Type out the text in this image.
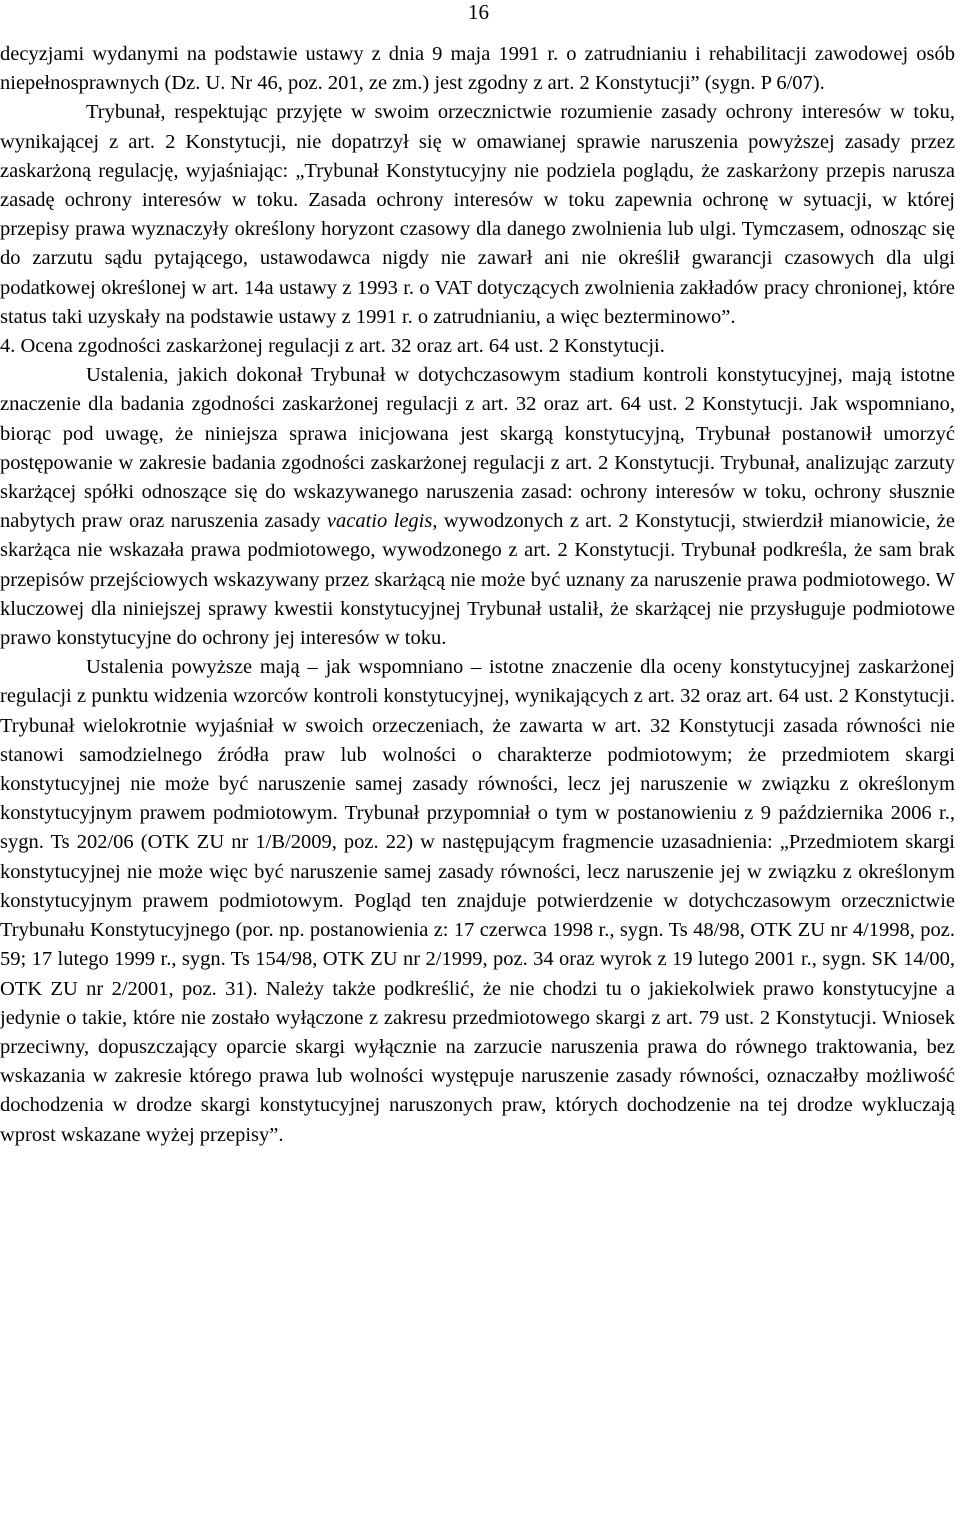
16

decyzjami wydanymi na podstawie ustawy z dnia 9 maja 1991 r. o zatrudnianiu i rehabilitacji zawodowej osób niepełnosprawnych (Dz. U. Nr 46, poz. 201, ze zm.) jest zgodny z art. 2 Konstytucji” (sygn. P 6/07).

Trybunał, respektując przyjęte w swoim orzecznictwie rozumienie zasady ochrony interesów w toku, wynikającej z art. 2 Konstytucji, nie dopatrzył się w omawianej sprawie naruszenia powyższej zasady przez zaskarżoną regulację, wyjaśniając: „Trybunał Konstytucyjny nie podziela poglądu, że zaskarżony przepis narusza zasadę ochrony interesów w toku. Zasada ochrony interesów w toku zapewnia ochronę w sytuacji, w której przepisy prawa wyznaczyły określony horyzont czasowy dla danego zwolnienia lub ulgi. Tymczasem, odnosząc się do zarzutu sądu pytającego, ustawodawca nigdy nie zawarł ani nie określił gwarancji czasowych dla ulgi podatkowej określonej w art. 14a ustawy z 1993 r. o VAT dotyczących zwolnienia zakładów pracy chronionej, które status taki uzyskały na podstawie ustawy z 1991 r. o zatrudnianiu, a więc bezterminowo”.

4. Ocena zgodności zaskarżonej regulacji z art. 32 oraz art. 64 ust. 2 Konstytucji.

Ustalenia, jakich dokonał Trybunał w dotychczasowym stadium kontroli konstytucyjnej, mają istotne znaczenie dla badania zgodności zaskarżonej regulacji z art. 32 oraz art. 64 ust. 2 Konstytucji. Jak wspomniano, biorąc pod uwagę, że niniejsza sprawa inicjowana jest skargą konstytucyjną, Trybunał postanowił umorzyć postępowanie w zakresie badania zgodności zaskarżonej regulacji z art. 2 Konstytucji. Trybunał, analizując zarzuty skarżącej spółki odnoszące się do wskazywanego naruszenia zasad: ochrony interesów w toku, ochrony słusznie nabytych praw oraz naruszenia zasady vacatio legis, wywodzonych z art. 2 Konstytucji, stwierdził mianowicie, że skarżąca nie wskazała prawa podmiotowego, wywodzonego z art. 2 Konstytucji. Trybunał podkreśla, że sam brak przepisów przejściowych wskazywany przez skarżącą nie może być uznany za naruszenie prawa podmiotowego. W kluczowej dla niniejszej sprawy kwestii konstytucyjnej Trybunał ustalił, że skarżącej nie przysługuje podmiotowe prawo konstytucyjne do ochrony jej interesów w toku.

Ustalenia powyższe mają – jak wspomniano – istotne znaczenie dla oceny konstytucyjnej zaskarżonej regulacji z punktu widzenia wzorców kontroli konstytucyjnej, wynikających z art. 32 oraz art. 64 ust. 2 Konstytucji. Trybunał wielokrotnie wyjaśniał w swoich orzeczeniach, że zawarta w art. 32 Konstytucji zasada równości nie stanowi samodzielnego źródła praw lub wolności o charakterze podmiotowym; że przedmiotem skargi konstytucyjnej nie może być naruszenie samej zasady równości, lecz jej naruszenie w związku z określonym konstytucyjnym prawem podmiotowym. Trybunał przypomniał o tym w postanowieniu z 9 października 2006 r., sygn. Ts 202/06 (OTK ZU nr 1/B/2009, poz. 22) w następującym fragmencie uzasadnienia: „Przedmiotem skargi konstytucyjnej nie może więc być naruszenie samej zasady równości, lecz naruszenie jej w związku z określonym konstytucyjnym prawem podmiotowym. Pogląd ten znajduje potwierdzenie w dotychczasowym orzecznictwie Trybunału Konstytucyjnego (por. np. postanowienia z: 17 czerwca 1998 r., sygn. Ts 48/98, OTK ZU nr 4/1998, poz. 59; 17 lutego 1999 r., sygn. Ts 154/98, OTK ZU nr 2/1999, poz. 34 oraz wyrok z 19 lutego 2001 r., sygn. SK 14/00, OTK ZU nr 2/2001, poz. 31). Należy także podkreślić, że nie chodzi tu o jakiekolwiek prawo konstytucyjne a jedynie o takie, które nie zostało wyłączone z zakresu przedmiotowego skargi z art. 79 ust. 2 Konstytucji. Wniosek przeciwny, dopuszczający oparcie skargi wyłącznie na zarzucie naruszenia prawa do równego traktowania, bez wskazania w zakresie którego prawa lub wolności występuje naruszenie zasady równości, oznaczałby możliwość dochodzenia w drodze skargi konstytucyjnej naruszonych praw, których dochodzenie na tej drodze wykluczają wprost wskazane wyżej przepisy”.
